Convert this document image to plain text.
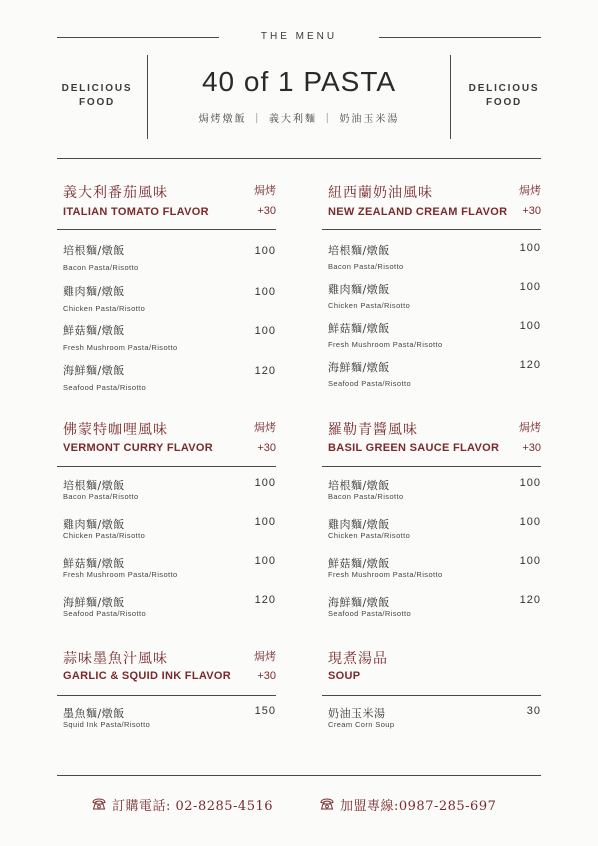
THE MENU
DELICIOUS
FOOD
40 of 1 PASTA
焗烤燉飯 ｜ 義大利麵 ｜ 奶油玉米湯
DELICIOUS
FOOD
義大利番茄風味
ITALIAN TOMATO FLAVOR
焗烤
+30
培根麵/燉飯
Bacon Pasta/Risotto
100
雞肉麵/燉飯
Chicken Pasta/Risotto
100
鮮菇麵/燉飯
Fresh Mushroom Pasta/Risotto
100
海鮮麵/燉飯
Seafood Pasta/Risotto
120
紐西蘭奶油風味
NEW ZEALAND CREAM FLAVOR
焗烤
+30
培根麵/燉飯
Bacon Pasta/Risotto
100
雞肉麵/燉飯
Chicken Pasta/Risotto
100
鮮菇麵/燉飯
Fresh Mushroom Pasta/Risotto
100
海鮮麵/燉飯
Seafood Pasta/Risotto
120
佛蒙特咖哩風味
VERMONT CURRY FLAVOR
焗烤
+30
培根麵/燉飯
Bacon Pasta/Risotto
100
雞肉麵/燉飯
Chicken Pasta/Risotto
100
鮮菇麵/燉飯
Fresh Mushroom Pasta/Risotto
100
海鮮麵/燉飯
Seafood Pasta/Risotto
120
羅勒青醬風味
BASIL GREEN SAUCE FLAVOR
焗烤
+30
培根麵/燉飯
Bacon Pasta/Risotto
100
雞肉麵/燉飯
Chicken Pasta/Risotto
100
鮮菇麵/燉飯
Fresh Mushroom Pasta/Risotto
100
海鮮麵/燉飯
Seafood Pasta/Risotto
120
蒜味墨魚汁風味
GARLIC & SQUID INK FLAVOR
焗烤
+30
墨魚麵/燉飯
Squid Ink Pasta/Risotto
150
現煮湯品
SOUP
奶油玉米湯
Cream Corn Soup
30
訂購電話: 02-8285-4516	加盟專線:0987-285-697
